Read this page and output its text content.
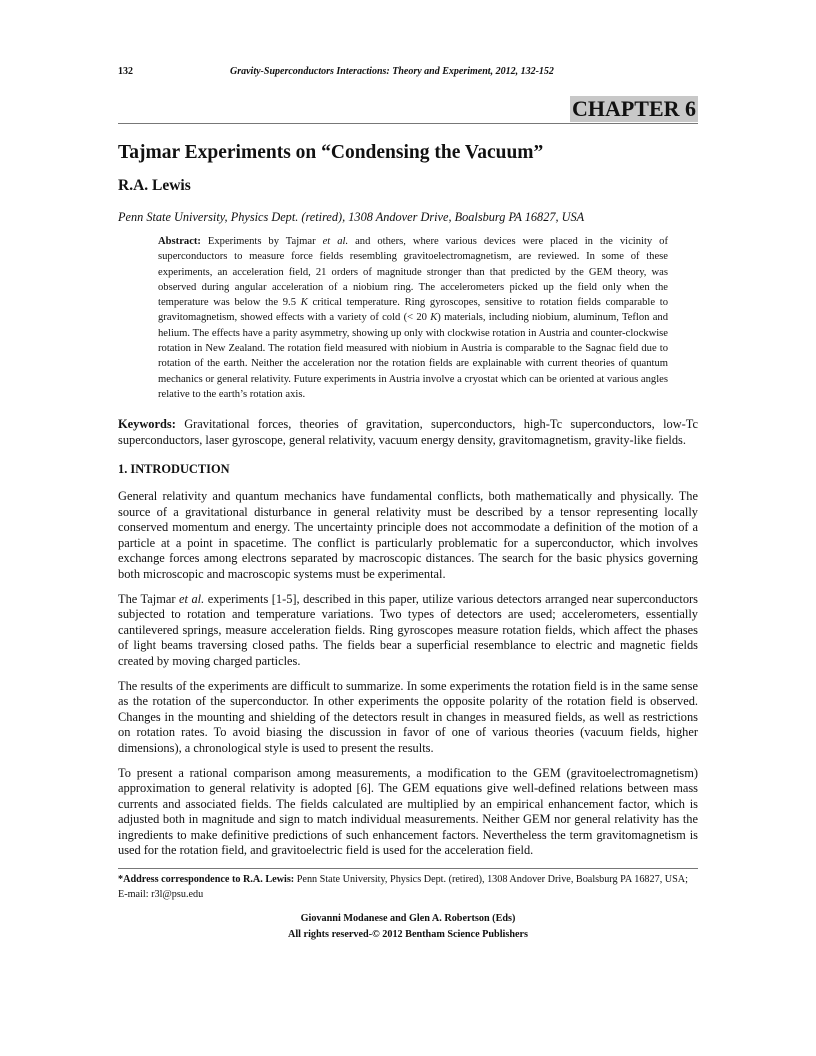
132	Gravity-Superconductors Interactions: Theory and Experiment, 2012, 132-152
CHAPTER 6
Tajmar Experiments on “Condensing the Vacuum”
R.A. Lewis
Penn State University, Physics Dept. (retired), 1308 Andover Drive, Boalsburg PA 16827, USA
Abstract: Experiments by Tajmar et al. and others, where various devices were placed in the vicinity of superconductors to measure force fields resembling gravitoelectromagnetism, are reviewed. In some of these experiments, an acceleration field, 21 orders of magnitude stronger than that predicted by the GEM theory, was observed during angular acceleration of a niobium ring. The accelerometers picked up the field only when the temperature was below the 9.5 K critical temperature. Ring gyroscopes, sensitive to rotation fields comparable to gravitomagnetism, showed effects with a variety of cold (< 20 K) materials, including niobium, aluminum, Teflon and helium. The effects have a parity asymmetry, showing up only with clockwise rotation in Austria and counter-clockwise rotation in New Zealand. The rotation field measured with niobium in Austria is comparable to the Sagnac field due to rotation of the earth. Neither the acceleration nor the rotation fields are explainable with current theories of quantum mechanics or general relativity. Future experiments in Austria involve a cryostat which can be oriented at various angles relative to the earth’s rotation axis.
Keywords: Gravitational forces, theories of gravitation, superconductors, high-Tc superconductors, low-Tc superconductors, laser gyroscope, general relativity, vacuum energy density, gravitomagnetism, gravity-like fields.
1. INTRODUCTION
General relativity and quantum mechanics have fundamental conflicts, both mathematically and physically. The source of a gravitational disturbance in general relativity must be described by a tensor representing locally conserved momentum and energy. The uncertainty principle does not accommodate a definition of the motion of a particle at a point in spacetime. The conflict is particularly problematic for a superconductor, which involves exchange forces among electrons separated by macroscopic distances. The search for the basic physics governing both microscopic and macroscopic systems must be experimental.
The Tajmar et al. experiments [1-5], described in this paper, utilize various detectors arranged near superconductors subjected to rotation and temperature variations. Two types of detectors are used; accelerometers, essentially cantilevered springs, measure acceleration fields. Ring gyroscopes measure rotation fields, which affect the phases of light beams traversing closed paths. The fields bear a superficial resemblance to electric and magnetic fields created by moving charged particles.
The results of the experiments are difficult to summarize. In some experiments the rotation field is in the same sense as the rotation of the superconductor. In other experiments the opposite polarity of the rotation field is observed. Changes in the mounting and shielding of the detectors result in changes in measured fields, as well as restrictions on rotation rates. To avoid biasing the discussion in favor of one of various theories (vacuum fields, higher dimensions), a chronological style is used to present the results.
To present a rational comparison among measurements, a modification to the GEM (gravitoelectromagnetism) approximation to general relativity is adopted [6]. The GEM equations give well-defined relations between mass currents and associated fields. The fields calculated are multiplied by an empirical enhancement factor, which is adjusted both in magnitude and sign to match individual measurements. Neither GEM nor general relativity has the ingredients to make definitive predictions of such enhancement factors. Nevertheless the term gravitomagnetism is used for the rotation field, and gravitoelectric field is used for the acceleration field.
*Address correspondence to R.A. Lewis: Penn State University, Physics Dept. (retired), 1308 Andover Drive, Boalsburg PA 16827, USA; E-mail: r3l@psu.edu
Giovanni Modanese and Glen A. Robertson (Eds)
All rights reserved-© 2012 Bentham Science Publishers
